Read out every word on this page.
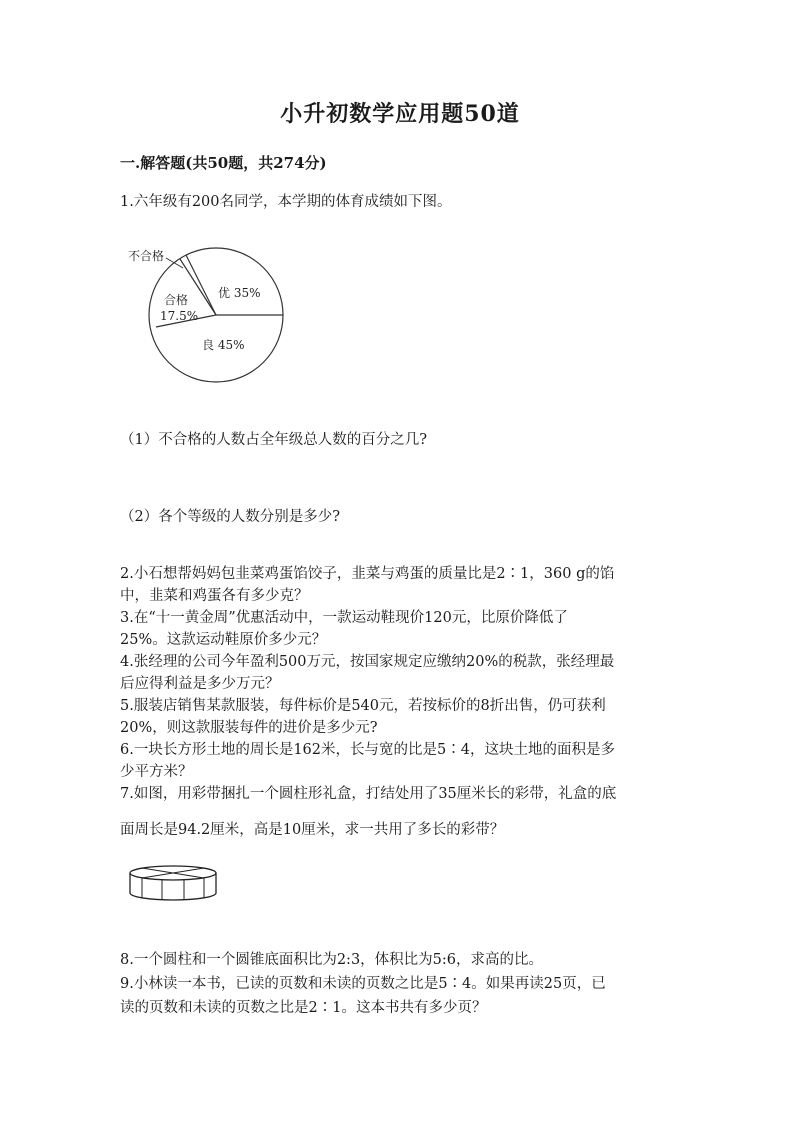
小升初数学应用题50道
一.解答题(共50题，共274分)
1.六年级有200名同学，本学期的体育成绩如下图。
不合格
合格
17.5%
优 35%
良 45%
（1）不合格的人数占全年级总人数的百分之几?
（2）各个等级的人数分别是多少?
2.小石想帮妈妈包韭菜鸡蛋馅饺子，韭菜与鸡蛋的质量比是2∶1，360 g的馅
中，韭菜和鸡蛋各有多少克？
3.在“十一黄金周”优惠活动中，一款运动鞋现价120元，比原价降低了
25%。这款运动鞋原价多少元？
4.张经理的公司今年盈利500万元，按国家规定应缴纳20%的税款，张经理最
后应得利益是多少万元？
5.服装店销售某款服装，每件标价是540元，若按标价的8折出售，仍可获利
20%，则这款服装每件的进价是多少元?
6.一块长方形土地的周长是162米，长与宽的比是5∶4，这块土地的面积是多
少平方米？
7.如图，用彩带捆扎一个圆柱形礼盒，打结处用了35厘米长的彩带，礼盒的底
面周长是94.2厘米，高是10厘米，求一共用了多长的彩带？
8.一个圆柱和一个圆锥底面积比为2:3，体积比为5:6，求高的比。
9.小林读一本书，已读的页数和未读的页数之比是5∶4。如果再读25页，已
读的页数和未读的页数之比是2∶1。这本书共有多少页？
